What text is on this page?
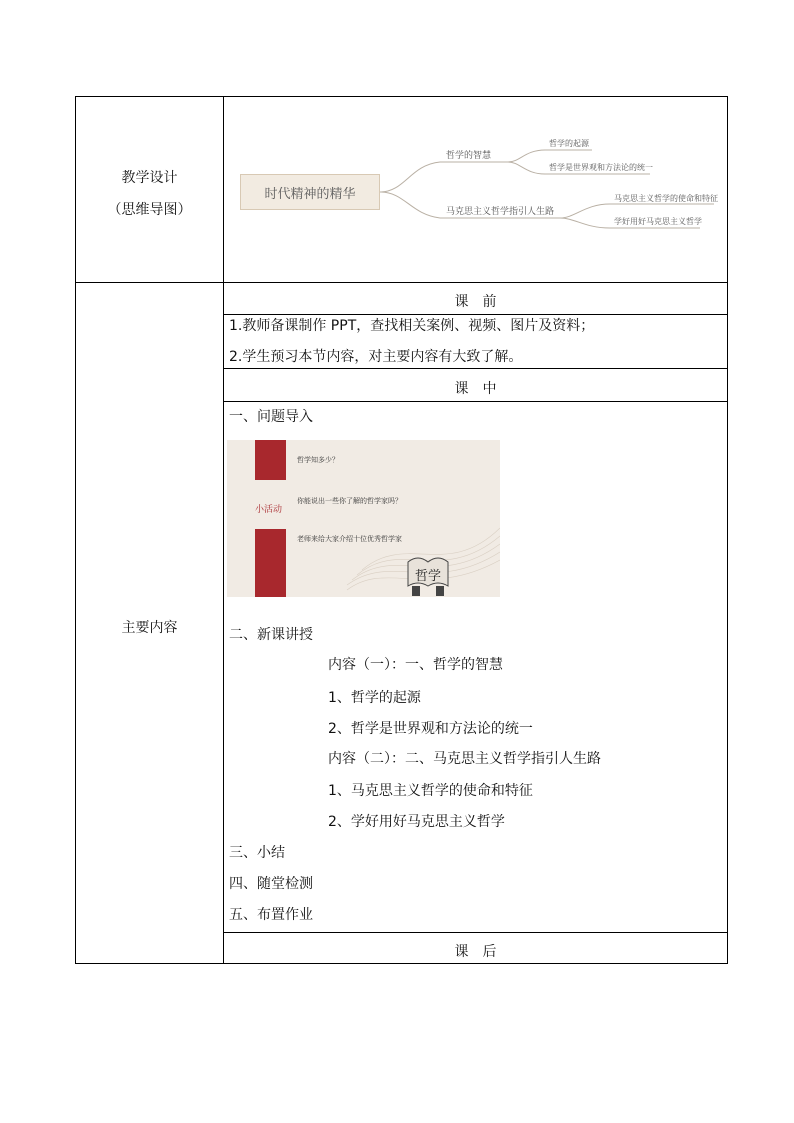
教学设计
（思维导图）
主要内容
时代精神的精华
哲学的智慧
哲学的起源
哲学是世界观和方法论的统一
马克思主义哲学指引人生路
马克思主义哲学的使命和特征
学好用好马克思主义哲学
课　前
1.教师备课制作 PPT，查找相关案例、视频、图片及资料；
2.学生预习本节内容，对主要内容有大致了解。
课　中
一、问题导入
哲学知多少？
小活动
你能说出一些你了解的哲学家吗？
老师来给大家介绍十位优秀哲学家
哲学
二、新课讲授
内容（一）：一、哲学的智慧
1、哲学的起源
2、哲学是世界观和方法论的统一
内容（二）：二、马克思主义哲学指引人生路
1、马克思主义哲学的使命和特征
2、学好用好马克思主义哲学
三、小结
四、随堂检测
五、布置作业
课　后
